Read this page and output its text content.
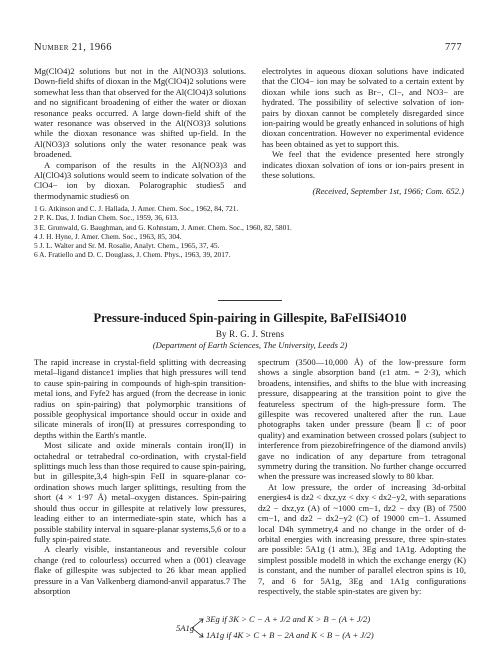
Number 21, 1966	777

Mg(ClO4)2 solutions but not in the Al(NO3)3 solutions. Down-field shifts of dioxan in the Mg(ClO4)2 solutions were somewhat less than that observed for the Al(ClO4)3 solutions and no significant broadening of either the water or dioxan resonance peaks occurred. A large down-field shift of the water resonance was observed in the Al(NO3)3 solutions while the dioxan resonance was shifted up-field. In the Al(NO3)3 solutions only the water resonance peak was broadened.

A comparison of the results in the Al(NO3)3 and Al(ClO4)3 solutions would seem to indicate solvation of the ClO4− ion by dioxan. Polarographic studies5 and thermodynamic studies6 on

1 G. Atkinson and C. J. Hallada, J. Amer. Chem. Soc., 1962, 84, 721.
2 P. K. Das, J. Indian Chem. Soc., 1959, 36, 613.
3 E. Grunwald, G. Baughman, and G. Kohnstam, J. Amer. Chem. Soc., 1960, 82, 5801.
4 J. H. Hyne, J. Amer. Chem. Soc., 1963, 85, 304.
5 J. L. Walter and Sr. M. Rosalie, Analyt. Chem., 1965, 37, 45.
6 A. Fratiello and D. C. Douglass, J. Chem. Phys., 1963, 39, 2017.

electrolytes in aqueous dioxan solutions have indicated that the ClO4− ion may be solvated to a certain extent by dioxan while ions such as Br−, Cl−, and NO3− are hydrated. The possibility of selective solvation of ion-pairs by dioxan cannot be completely disregarded since ion-pairing would be greatly enhanced in solutions of high dioxan concentration. However no experimental evidence has been obtained as yet to support this.

We feel that the evidence presented here strongly indicates dioxan solvation of ions or ion-pairs present in these solutions.

(Received, September 1st, 1966; Com. 652.)
Pressure-induced Spin-pairing in Gillespite, BaFeIISi4O10
By R. G. J. Strens
(Department of Earth Sciences, The University, Leeds 2)

The rapid increase in crystal-field splitting with decreasing metal–ligand distance1 implies that high pressures will tend to cause spin-pairing in compounds of high-spin transition-metal ions, and Fyfe2 has argued (from the decrease in ionic radius on spin-pairing) that polymorphic transitions of possible geophysical importance should occur in oxide and silicate minerals of iron(II) at pressures corresponding to depths within the Earth's mantle.

Most silicate and oxide minerals contain iron(II) in octahedral or tetrahedral co-ordination, with crystal-field splittings much less than those required to cause spin-pairing, but in gillespite,3,4 high-spin FeII in square-planar co-ordination shows much larger splittings, resulting from the short (4 × 1·97 Å) metal–oxygen distances. Spin-pairing should thus occur in gillespite at relatively low pressures, leading either to an intermediate-spin state, which has a possible stability interval in square-planar systems,5,6 or to a fully spin-paired state.

A clearly visible, instantaneous and reversible colour change (red to colourless) occurred when a (001) cleavage flake of gillespite was subjected to 26 kbar mean applied pressure in a Van Valkenberg diamond-anvil apparatus.7 The absorption

spectrum (3500—10,000 Å) of the low-pressure form shows a single absorption band (ε1 atm. = 2·3), which broadens, intensifies, and shifts to the blue with increasing pressure, disappearing at the transition point to give the featureless spectrum of the high-pressure form. The gillespite was recovered unaltered after the run. Laue photographs taken under pressure (beam ∥ c: of poor quality) and examination between crossed polars (subject to interference from piezobirefringence of the diamond anvils) gave no indication of any departure from tetragonal symmetry during the transition. No further change occurred when the pressure was increased slowly to 80 kbar.

At low pressure, the order of increasing 3d-orbital energies4 is dz2 < dxz,yz < dxy < dx2−y2, with separations dz2 − dxz,yz (A) of ~1000 cm−1, dz2 − dxy (B) of 7500 cm−1, and dz2 − dx2−y2 (C) of 19000 cm−1. Assumed local D4h symmetry,4 and no change in the order of d-orbital energies with increasing pressure, three spin-states are possible: 5A1g (1 atm.), 3Eg and 1A1g. Adopting the simplest possible model8 in which the exchange energy (K) is constant, and the number of parallel electron spins is 10, 7, and 6 for 5A1g, 3Eg and 1A1g configurations respectively, the stable spin-states are given by:

5A1g
3Eg if 3K > C − A + J/2 and K > B − (A + J/2)
1A1g if 4K > C + B − 2A and K < B − (A + J/2)
